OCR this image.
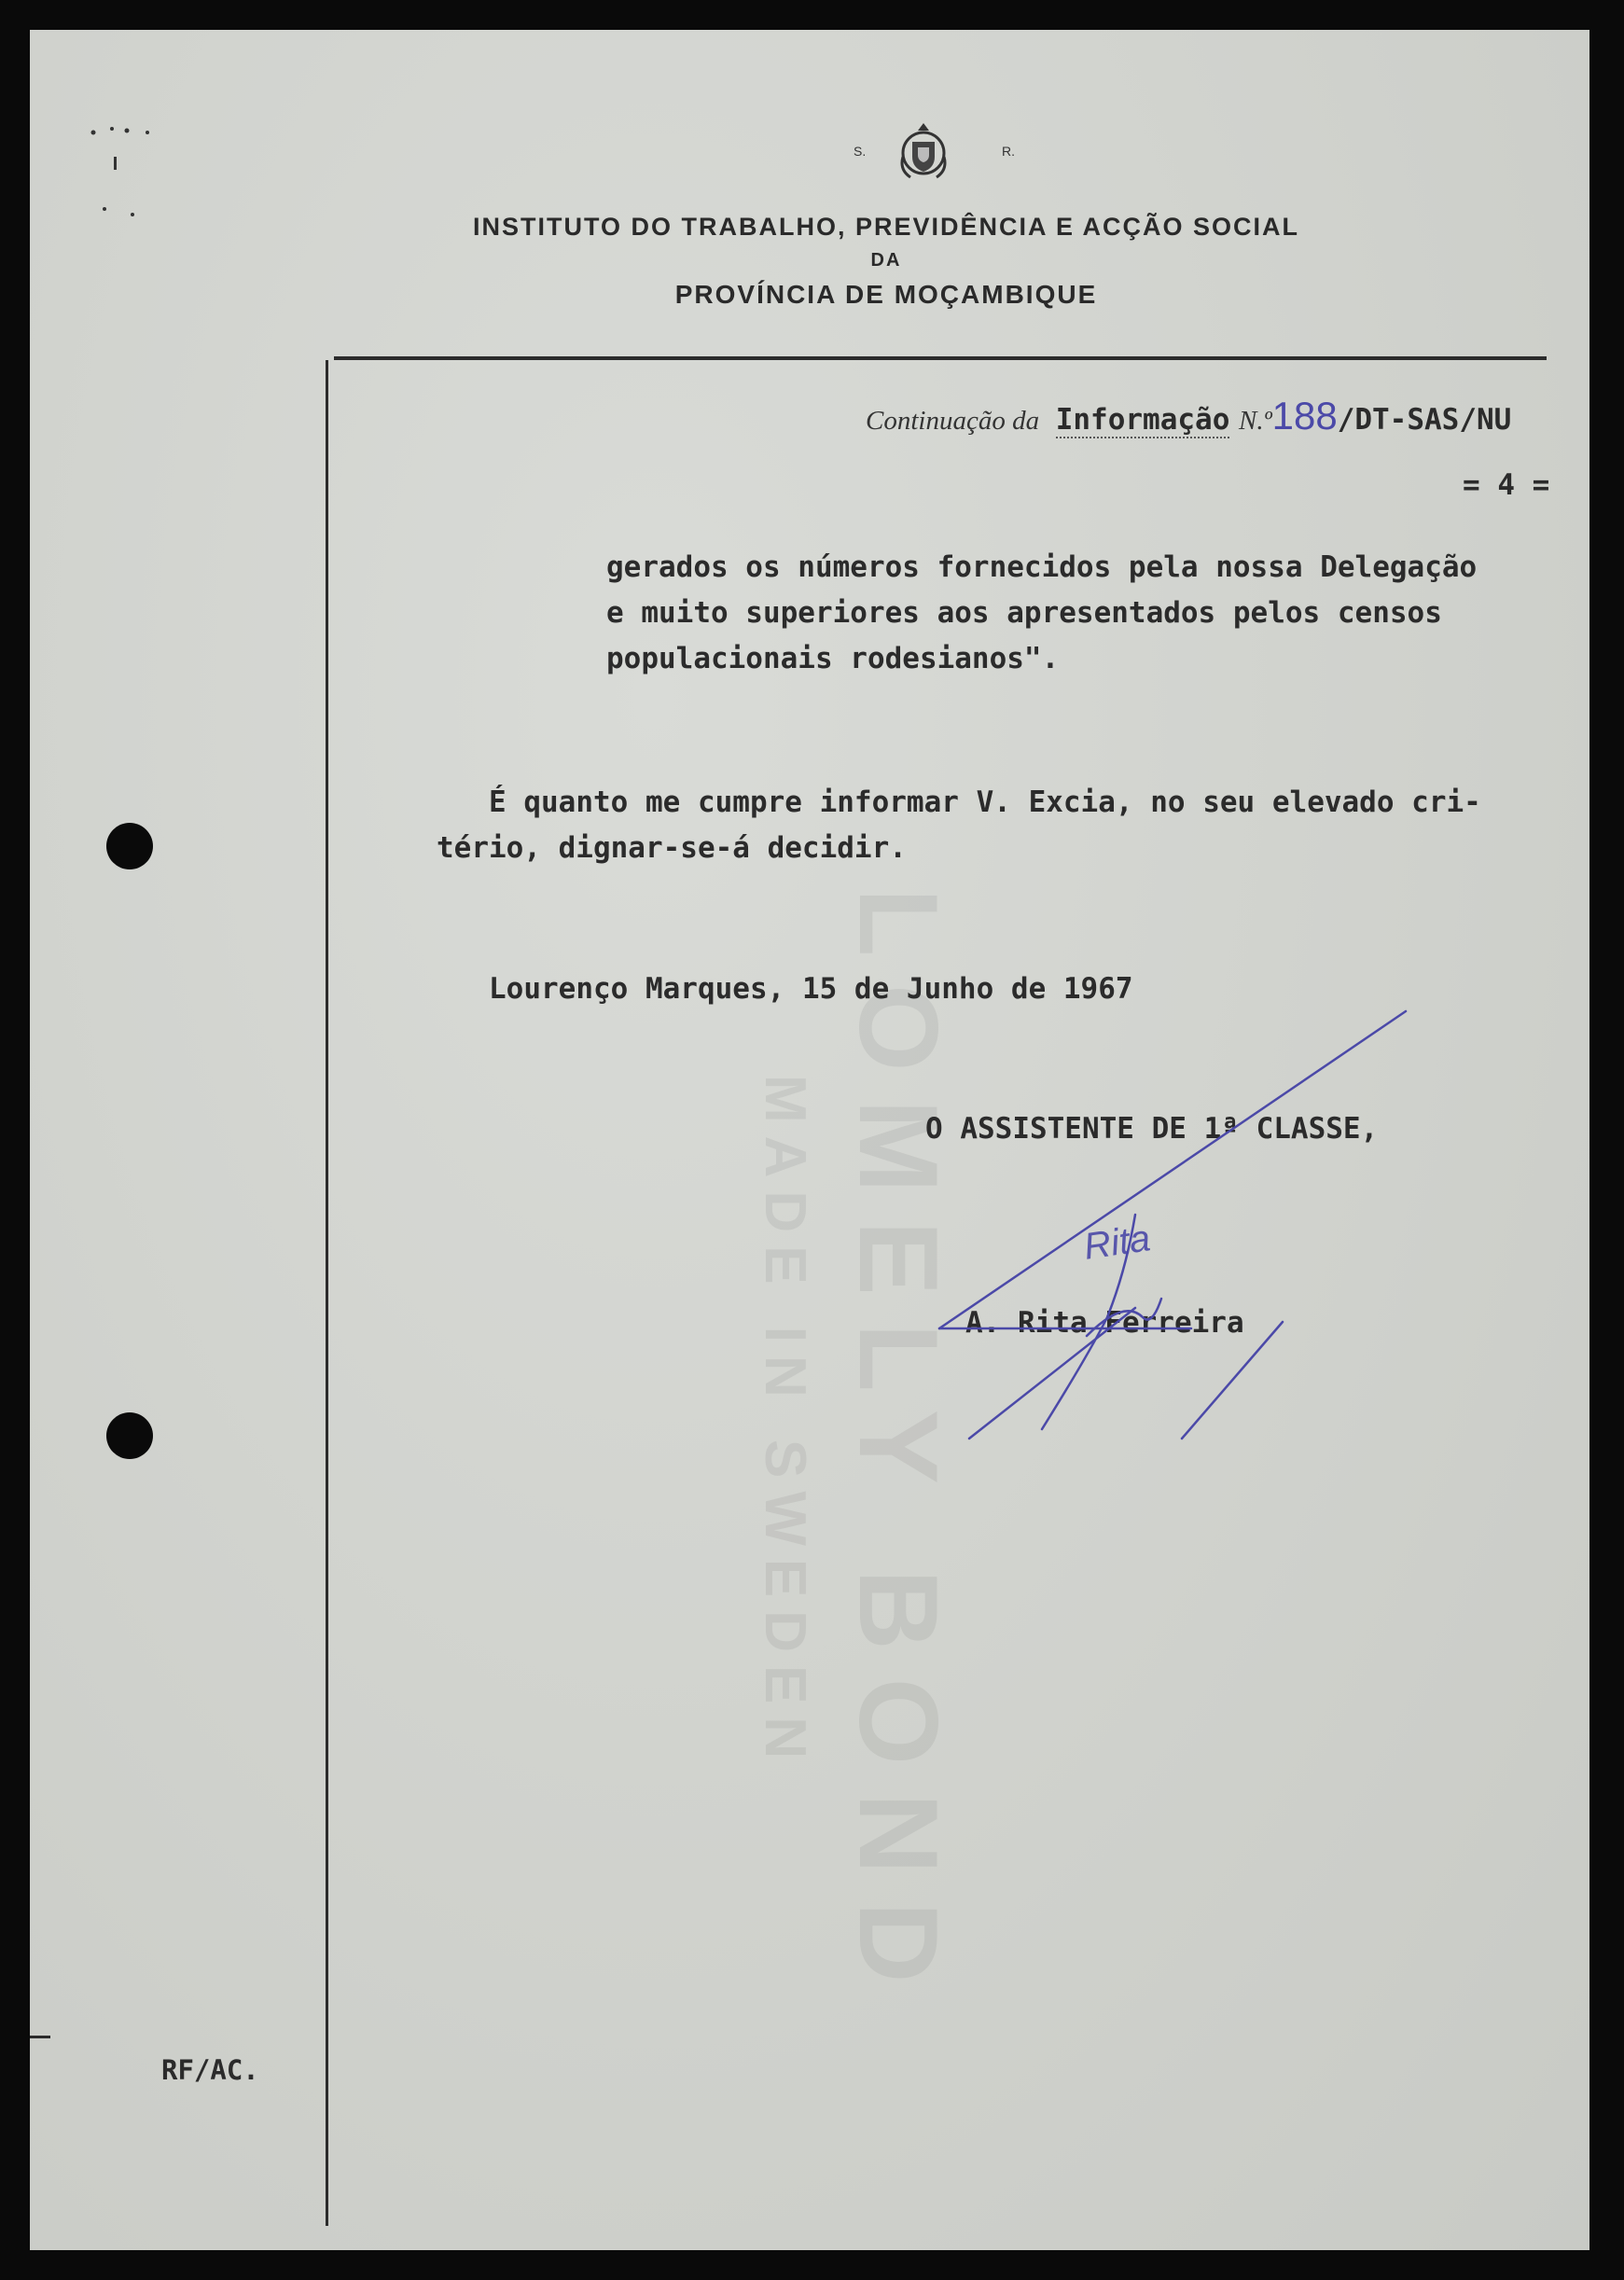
LOMELY BOND
MADE IN SWEDEN
S.	R.
INSTITUTO DO TRABALHO, PREVIDÊNCIA E ACÇÃO SOCIAL
DA
PROVÍNCIA DE MOÇAMBIQUE
Continuação da Informação N.º188/DT-SAS/NU
= 4 =
gerados os números fornecidos pela nossa Delegação
e muito superiores aos apresentados pelos censos
populacionais rodesianos".
É quanto me cumpre informar V. Excia, no seu elevado cri-
tério, dignar-se-á decidir.
Lourenço Marques, 15 de Junho de 1967
O ASSISTENTE DE 1ª CLASSE,
A. Rita Ferreira
Rita
RF/AC.
